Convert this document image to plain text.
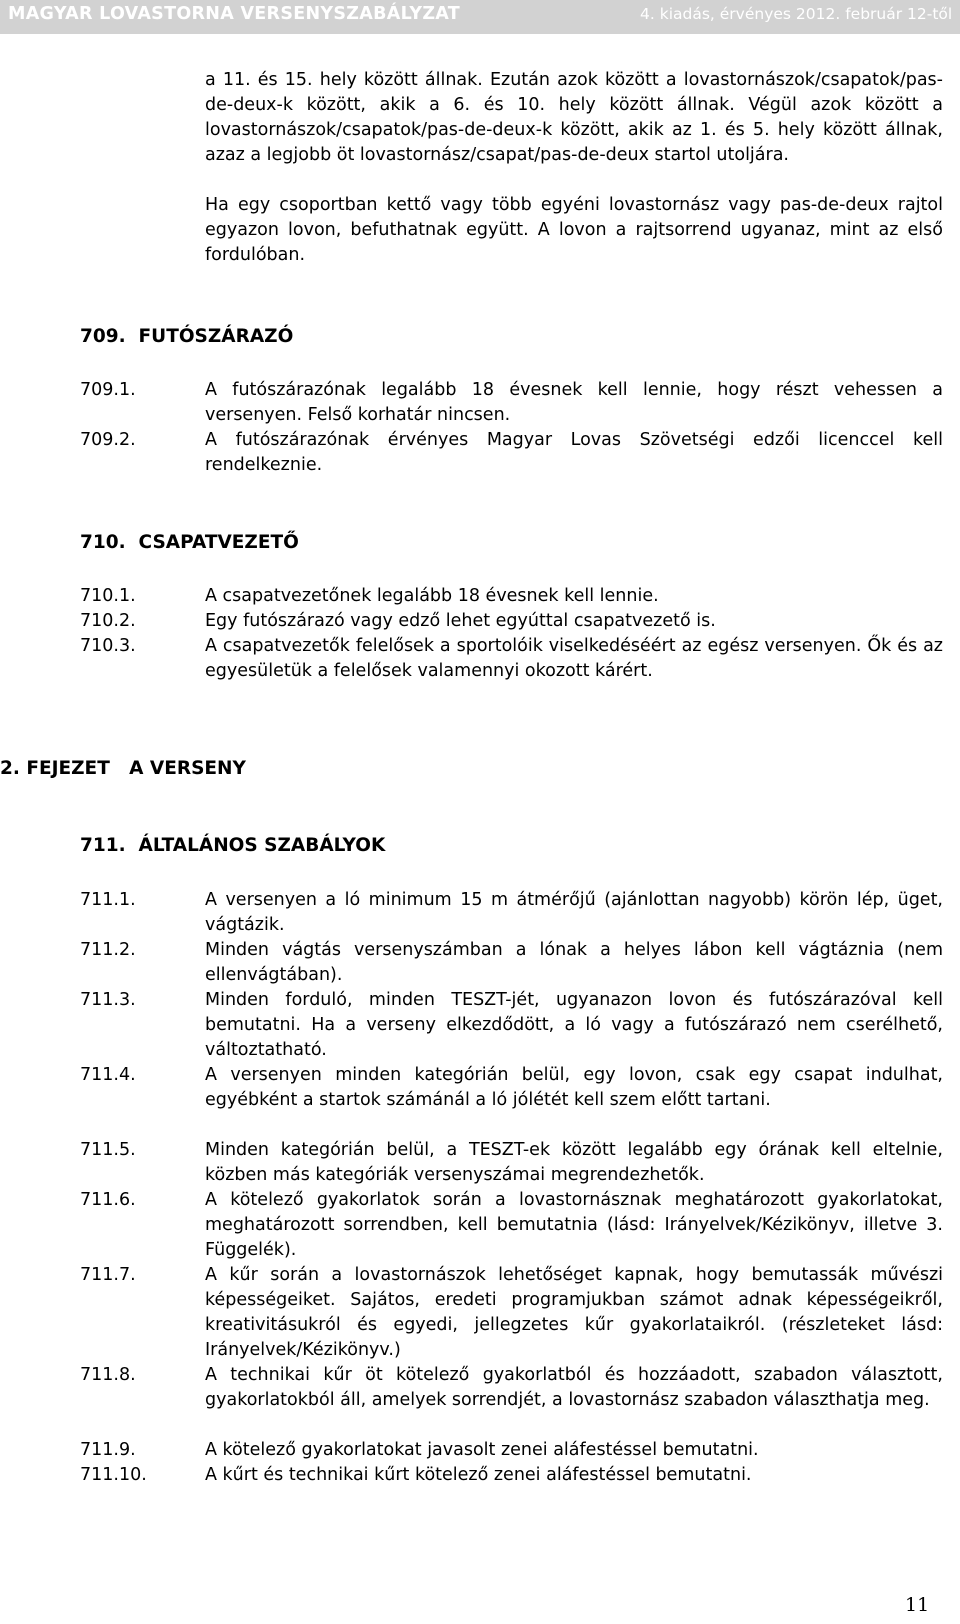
MAGYAR LOVASTORNA VERSENYSZABÁLYZAT	4. kiadás, érvényes 2012. február 12-től
a 11. és 15. hely között állnak. Ezután azok között a lovastornászok/csapatok/pas-de-deux-k között, akik a 6. és 10. hely között állnak. Végül azok között a lovastornászok/csapatok/pas-de-deux-k között, akik az 1. és 5. hely között állnak, azaz a legjobb öt lovastornász/csapat/pas-de-deux startol utoljára.
Ha egy csoportban kettő vagy több egyéni lovastornász vagy pas-de-deux rajtol egyazon lovon, befuthatnak együtt. A lovon a rajtsorrend ugyanaz, mint az első fordulóban.
709. FUTÓSZÁRAZÓ
709.1.	A futószárazónak legalább 18 évesnek kell lennie, hogy részt vehessen a versenyen. Felső korhatár nincsen.
709.2.	A futószárazónak érvényes Magyar Lovas Szövetségi edzői licenccel kell rendelkeznie.
710. CSAPATVEZETŐ
710.1.	A csapatvezetőnek legalább 18 évesnek kell lennie.
710.2.	Egy futószárazó vagy edző lehet egyúttal csapatvezető is.
710.3.	A csapatvezetők felelősek a sportolóik viselkedéséért az egész versenyen. Ők és az egyesületük a felelősek valamennyi okozott kárért.
2. FEJEZET A VERSENY
711. ÁLTALÁNOS SZABÁLYOK
711.1.	A versenyen a ló minimum 15 m átmérőjű (ajánlottan nagyobb) körön lép, üget, vágtázik.
711.2.	Minden vágtás versenyszámban a lónak a helyes lábon kell vágtáznia (nem ellenvágtában).
711.3.	Minden forduló, minden TESZT-jét, ugyanazon lovon és futószárazóval kell bemutatni. Ha a verseny elkezdődött, a ló vagy a futószárazó nem cserélhető, változtatható.
711.4.	A versenyen minden kategórián belül, egy lovon, csak egy csapat indulhat, egyébként a startok számánál a ló jólétét kell szem előtt tartani.
711.5.	Minden kategórián belül, a TESZT-ek között legalább egy órának kell eltelnie, közben más kategóriák versenyszámai megrendezhetők.
711.6.	A kötelező gyakorlatok során a lovastornásznak meghatározott gyakorlatokat, meghatározott sorrendben, kell bemutatnia (lásd: Irányelvek/Kézikönyv, illetve 3. Függelék).
711.7.	A kűr során a lovastornászok lehetőséget kapnak, hogy bemutassák művészi képességeiket. Sajátos, eredeti programjukban számot adnak képességeikről, kreativitásukról és egyedi, jellegzetes kűr gyakorlataikról. (részleteket lásd: Irányelvek/Kézikönyv.)
711.8.	A technikai kűr öt kötelező gyakorlatból és hozzáadott, szabadon választott, gyakorlatokból áll, amelyek sorrendjét, a lovastornász szabadon választhatja meg.
711.9.	A kötelező gyakorlatokat javasolt zenei aláfestéssel bemutatni.
711.10.	A kűrt és technikai kűrt kötelező zenei aláfestéssel bemutatni.
11
